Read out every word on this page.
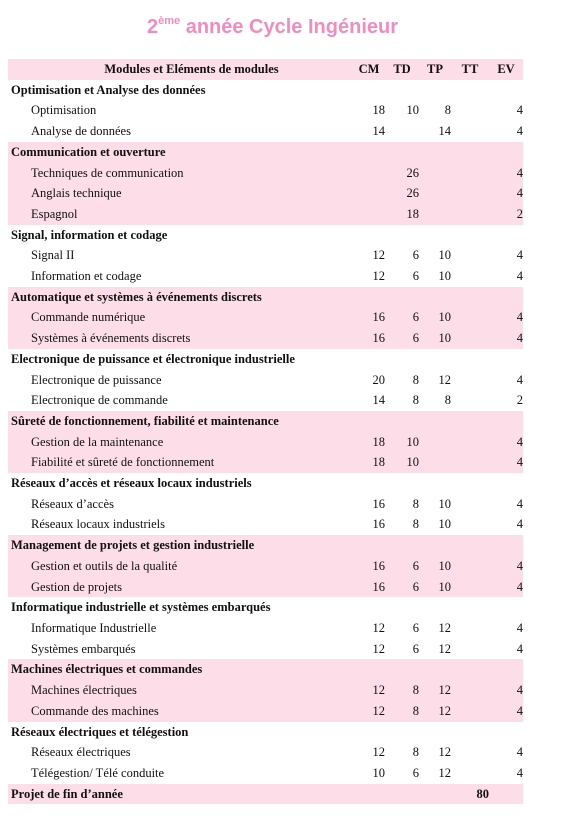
2ème année Cycle Ingénieur
Modules et Eléments de modules	CM	TD	TP	TT	EV
Optimisation et Analyse des données					
Optimisation	18	10	8		4
Analyse de données	14		14		4
Communication et ouverture					
Techniques de communication		26			4
Anglais technique		26			4
Espagnol		18			2
Signal, information et codage					
Signal II	12	6	10		4
Information et codage	12	6	10		4
Automatique et systèmes à événements discrets					
Commande numérique	16	6	10		4
Systèmes à événements discrets	16	6	10		4
Electronique de puissance et électronique industrielle					
Electronique de puissance	20	8	12		4
Electronique de commande	14	8	8		2
Sûreté de fonctionnement, fiabilité et maintenance					
Gestion de la maintenance	18	10			4
Fiabilité et sûreté de fonctionnement	18	10			4
Réseaux d’accès et réseaux locaux industriels					
Réseaux d’accès	16	8	10		4
Réseaux locaux industriels	16	8	10		4
Management de projets et gestion industrielle					
Gestion et outils de la qualité	16	6	10		4
Gestion de projets	16	6	10		4
Informatique industrielle et systèmes embarqués					
Informatique Industrielle	12	6	12		4
Systèmes embarqués	12	6	12		4
Machines électriques et commandes					
Machines électriques	12	8	12		4
Commande des machines	12	8	12		4
Réseaux électriques et télégestion					
Réseaux électriques	12	8	12		4
Télégestion/ Télé conduite	10	6	12		4
Projet de fin d’année				80	
